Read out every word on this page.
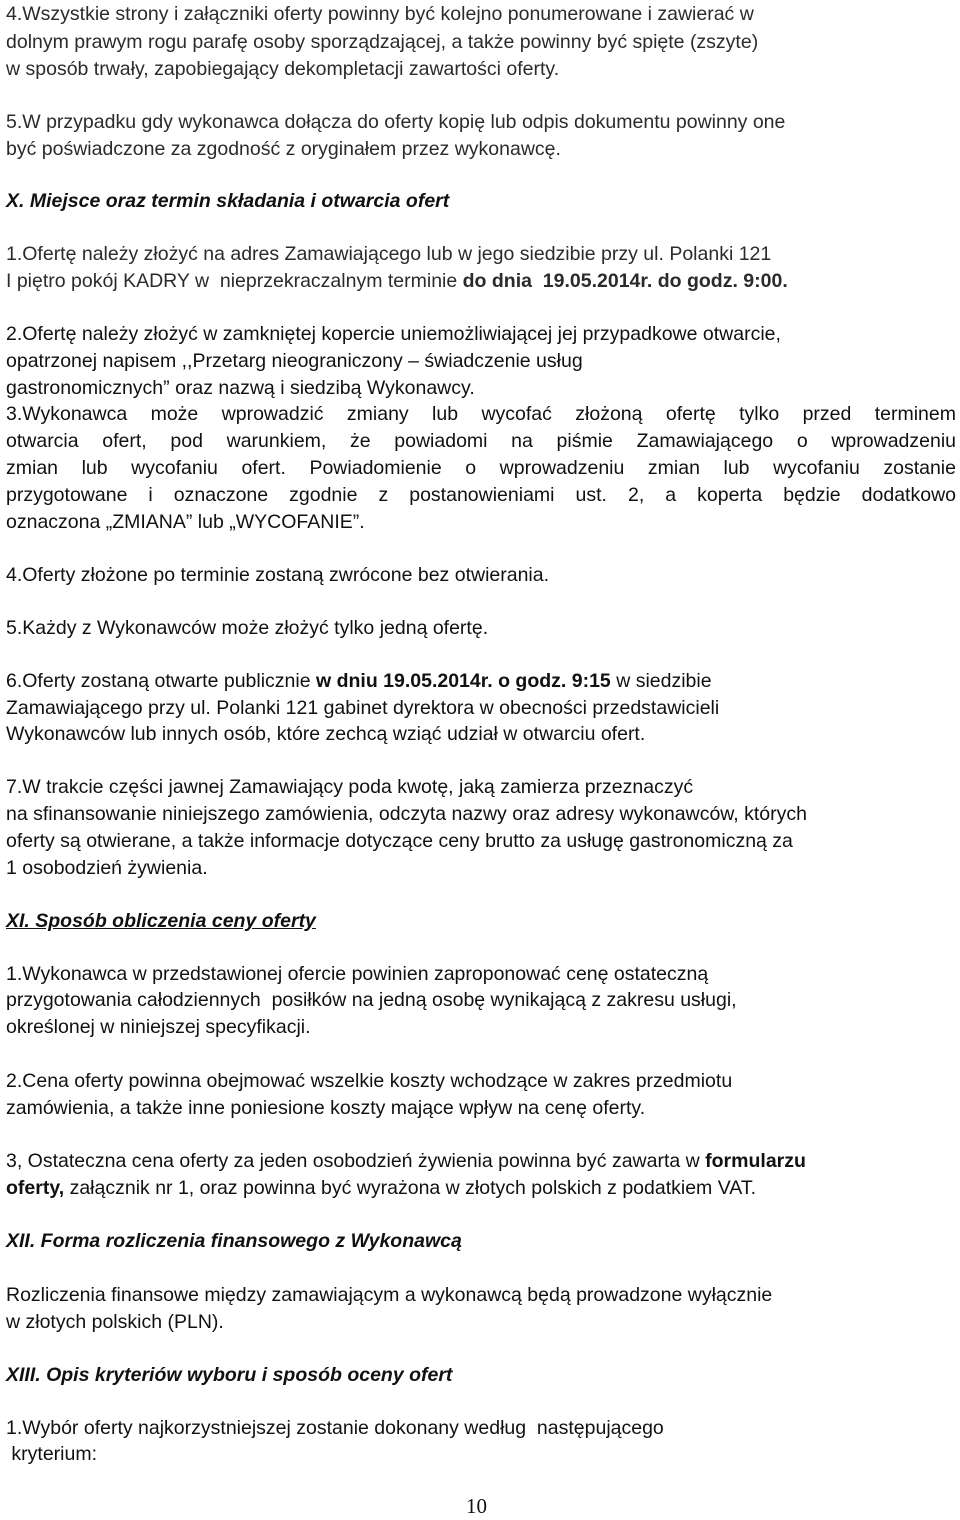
4.Wszystkie strony i załączniki oferty powinny być kolejno ponumerowane i zawierać w
dolnym prawym rogu parafę osoby sporządzającej, a także powinny być spięte (zszyte)
w sposób trwały, zapobiegający dekompletacji zawartości oferty.
5.W przypadku gdy wykonawca dołącza do oferty kopię lub odpis dokumentu powinny one
być poświadczone za zgodność z oryginałem przez wykonawcę.
X. Miejsce oraz termin składania i otwarcia ofert
1.Ofertę należy złożyć na adres Zamawiającego lub w jego siedzibie przy ul. Polanki 121
I piętro pokój KADRY w  nieprzekraczalnym terminie do dnia  19.05.2014r. do godz. 9:00.
2.Ofertę należy złożyć w zamkniętej kopercie uniemożliwiającej jej przypadkowe otwarcie,
opatrzonej napisem ,,Przetarg nieograniczony – świadczenie usług
gastronomicznych” oraz nazwą i siedzibą Wykonawcy.
3.Wykonawca może wprowadzić zmiany lub wycofać złożoną ofertę tylko przed terminem
otwarcia ofert, pod warunkiem, że powiadomi na piśmie Zamawiającego o wprowadzeniu
zmian lub wycofaniu ofert. Powiadomienie o wprowadzeniu zmian lub wycofaniu zostanie
przygotowane i oznaczone zgodnie z postanowieniami ust. 2, a koperta będzie dodatkowo
oznaczona „ZMIANA” lub „WYCOFANIE”.
4.Oferty złożone po terminie zostaną zwrócone bez otwierania.
5.Każdy z Wykonawców może złożyć tylko jedną ofertę.
6.Oferty zostaną otwarte publicznie w dniu 19.05.2014r. o godz. 9:15 w siedzibie
Zamawiającego przy ul. Polanki 121 gabinet dyrektora w obecności przedstawicieli
Wykonawców lub innych osób, które zechcą wziąć udział w otwarciu ofert.
7.W trakcie części jawnej Zamawiający poda kwotę, jaką zamierza przeznaczyć
na sfinansowanie niniejszego zamówienia, odczyta nazwy oraz adresy wykonawców, których
oferty są otwierane, a także informacje dotyczące ceny brutto za usługę gastronomiczną za
1 osobodzień żywienia.
XI. Sposób obliczenia ceny oferty
1.Wykonawca w przedstawionej ofercie powinien zaproponować cenę ostateczną
przygotowania całodziennych  posiłków na jedną osobę wynikającą z zakresu usługi,
określonej w niniejszej specyfikacji.
2.Cena oferty powinna obejmować wszelkie koszty wchodzące w zakres przedmiotu
zamówienia, a także inne poniesione koszty mające wpływ na cenę oferty.
3, Ostateczna cena oferty za jeden osobodzień żywienia powinna być zawarta w formularzu
oferty, załącznik nr 1, oraz powinna być wyrażona w złotych polskich z podatkiem VAT.
XII. Forma rozliczenia finansowego z Wykonawcą
Rozliczenia finansowe między zamawiającym a wykonawcą będą prowadzone wyłącznie
w złotych polskich (PLN).
XIII. Opis kryteriów wyboru i sposób oceny ofert
1.Wybór oferty najkorzystniejszej zostanie dokonany według  następującego
kryterium:
10
